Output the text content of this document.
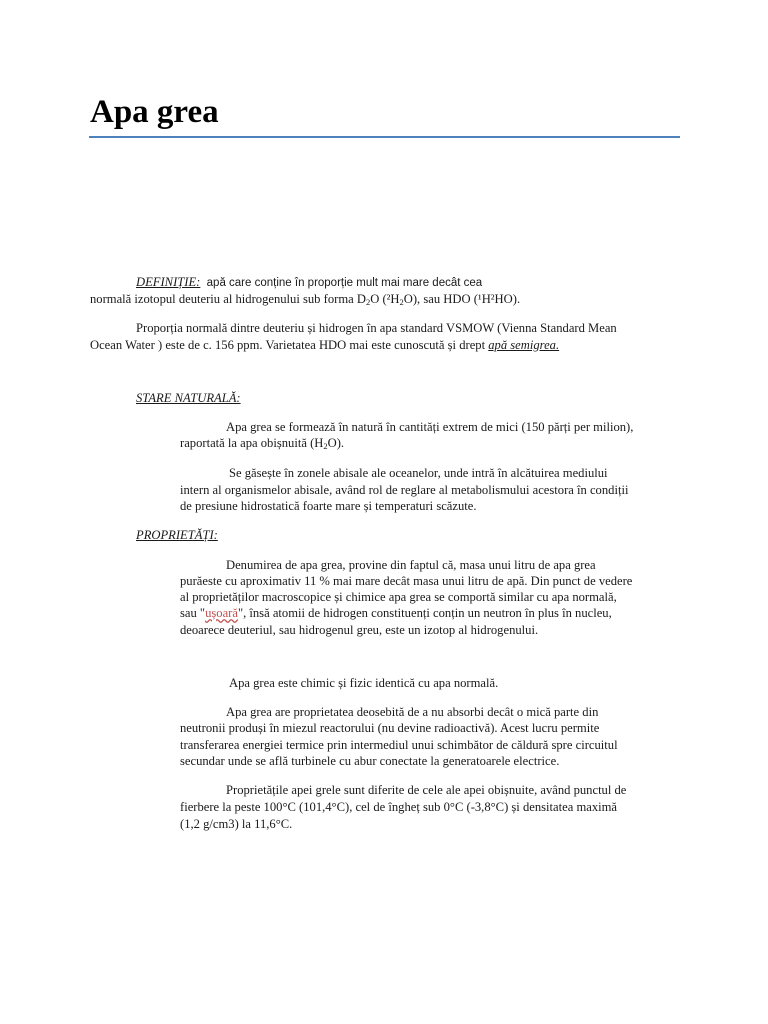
Apa grea

DEFINIȚIE: apă care conține în proporție mult mai mare decât cea

normală izotopul deuteriu al hidrogenului sub forma $D_2O$ $(^2H_2O)$, sau HDO (¹H²HO).

Proporția normală dintre deuteriu și hidrogen în apa standard VSMOW (Vienna Standard Mean

Ocean Water ) este de c. 156 ppm. Varietatea HDO mai este cunoscută și drept apă semigrea.

STARE NATURALĂ:

Apa grea se formează în natură în cantități extrem de mici (150 părți per milion),

raportată la apa obișnuită $(H_2O)$.

Se găsește în zonele abisale ale oceanelor, unde intră în alcătuirea mediului

intern al organismelor abisale, având rol de reglare al metabolismului acestora în condiții

de presiune hidrostatică foarte mare și temperaturi scăzute.

PROPRIETĂȚI:

Denumirea de apa grea, provine din faptul că, masa unui litru de apa grea

purăeste cu aproximativ 11 % mai mare decât masa unui litru de apă. Din punct de vedere

al proprietăților macroscopice și chimice apa grea se comportă similar cu apa normală,

sau "ușoară", însă atomii de hidrogen constituenți conțin un neutron în plus în nucleu,

deoarece deuteriul, sau hidrogenul greu, este un izotop al hidrogenului.

Apa grea este chimic și fizic identică cu apa normală.

Apa grea are proprietatea deosebită de a nu absorbi decât o mică parte din

neutronii produși în miezul reactorului (nu devine radioactivă). Acest lucru permite

transferarea energiei termice prin intermediul unui schimbător de căldură spre circuitul

secundar unde se află turbinele cu abur conectate la generatoarele electrice.

Proprietățile apei grele sunt diferite de cele ale apei obișnuite, având punctul de

fierbere la peste 100°C (101,4°C), cel de îngheț sub 0°C (-3,8°C) și densitatea maximă

(1,2 g/cm3) la 11,6°C.
